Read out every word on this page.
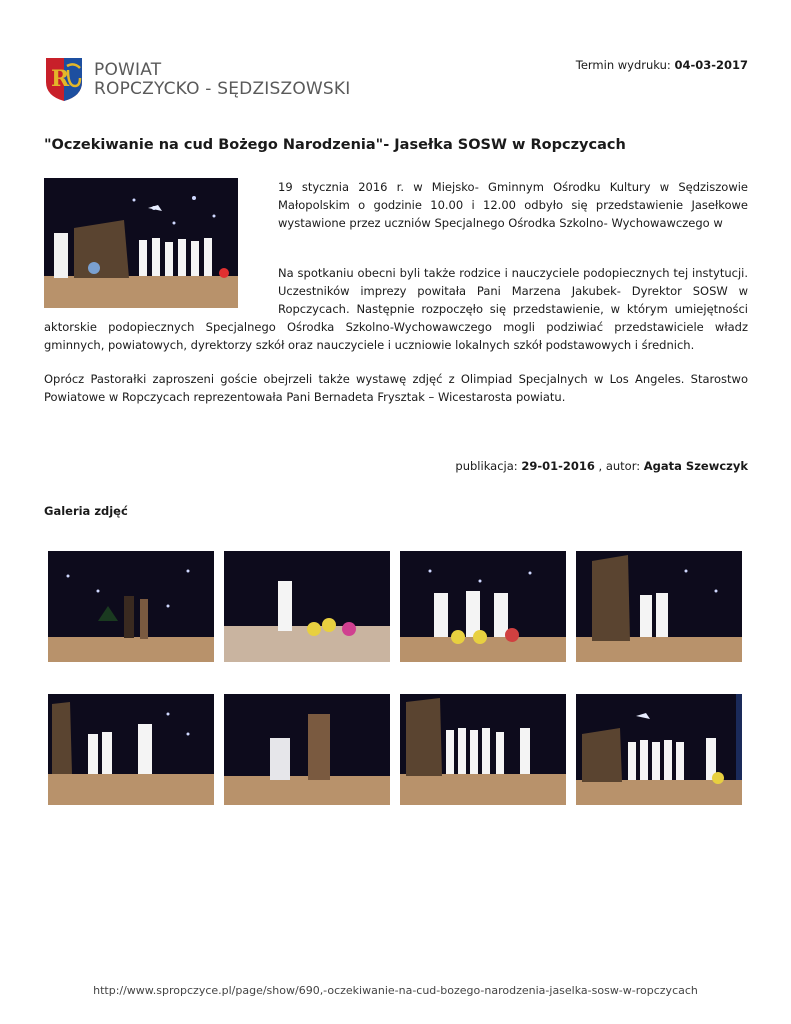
R POWIAT
ROPCZYCKO - SĘDZISZOWSKI
Termin wydruku: 04-03-2017
"Oczekiwanie na cud Bożego Narodzenia"- Jasełka SOSW w Ropczycach

19 stycznia 2016 r. w Miejsko- Gminnym Ośrodku Kultury w Sędziszowie Małopolskim o godzinie 10.00 i 12.00 odbyło się przedstawienie Jasełkowe wystawione przez uczniów Specjalnego Ośrodka Szkolno- Wychowawczego w

Na spotkaniu obecni byli także rodzice i nauczyciele podopiecznych tej instytucji. Uczestników imprezy powitała Pani Marzena Jakubek- Dyrektor SOSW w Ropczycach. Następnie rozpoczęło się przedstawienie, w którym umiejętności aktorskie podopiecznych Specjalnego Ośrodka Szkolno-Wychowawczego mogli podziwiać przedstawiciele władz gminnych, powiatowych, dyrektorzy szkół oraz nauczyciele i uczniowie lokalnych szkół podstawowych i średnich.

Oprócz Pastorałki zaproszeni goście obejrzeli także wystawę zdjęć z Olimpiad Specjalnych w Los Angeles. Starostwo Powiatowe w Ropczycach reprezentowała Pani Bernadeta Frysztak – Wicestarosta powiatu.

publikacja: 29-01-2016 , autor: Agata Szewczyk
Galeria zdjęć
http://www.spropczyce.pl/page/show/690,-oczekiwanie-na-cud-bozego-narodzenia-jaselka-sosw-w-ropczycach
